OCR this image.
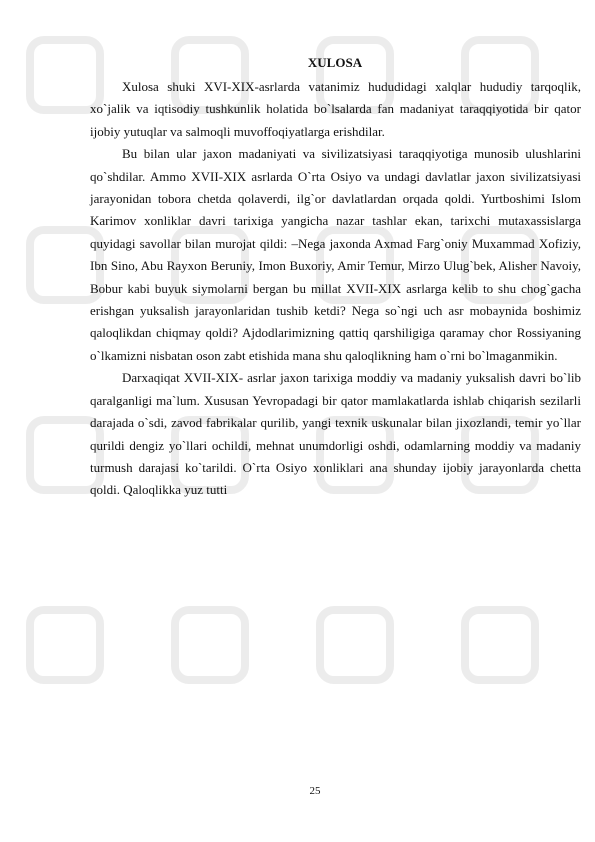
XULOSA

Xulosa shuki XVI-XIX-asrlarda vatanimiz hududidagi xalqlar hududiy tarqoqlik, xo`jalik va iqtisodiy tushkunlik holatida bo`lsalarda fan madaniyat taraqqiyotida bir qator ijobiy yutuqlar va salmoqli muvoffoqiyatlarga erishdilar.

Bu bilan ular jaxon madaniyati va sivilizatsiyasi taraqqiyotiga munosib ulushlarini qo`shdilar. Ammo XVII-XIX asrlarda O`rta Osiyo va undagi davlatlar jaxon sivilizatsiyasi jarayonidan tobora chetda qolaverdi, ilg`or davlatlardan orqada qoldi. Yurtboshimi Islom Karimov xonliklar davri tarixiga yangicha nazar tashlar ekan, tarixchi mutaxassislarga quyidagi savollar bilan murojat qildi: –Nega jaxonda Axmad Farg`oniy Muxammad Xofiziy, Ibn Sino, Abu Rayxon Beruniy, Imon Buxoriy, Amir Temur, Mirzo Ulug`bek, Alisher Navoiy, Bobur kabi buyuk siymolarni bergan bu millat XVII-XIX asrlarga kelib to shu chog`gacha erishgan yuksalish jarayonlaridan tushib ketdi? Nega so`ngi uch asr mobaynida boshimiz qaloqlikdan chiqmay qoldi? Ajdodlarimizning qattiq qarshiligiga qaramay chor Rossiyaning o`lkamizni nisbatan oson zabt etishida mana shu qaloqlikning ham o`rni bo`lmaganmikin.

Darxaqiqat XVII-XIX- asrlar jaxon tarixiga moddiy va madaniy yuksalish davri bo`lib qaralganligi ma`lum. Xususan Yevropadagi bir qator mamlakatlarda ishlab chiqarish sezilarli darajada o`sdi, zavod fabrikalar qurilib, yangi texnik uskunalar bilan jixozlandi, temir yo`llar qurildi dengiz yo`llari ochildi, mehnat unumdorligi oshdi, odamlarning moddiy va madaniy turmush darajasi ko`tarildi. O`rta Osiyo xonliklari ana shunday ijobiy jarayonlarda chetta qoldi. Qaloqlikka yuz tutti

25
